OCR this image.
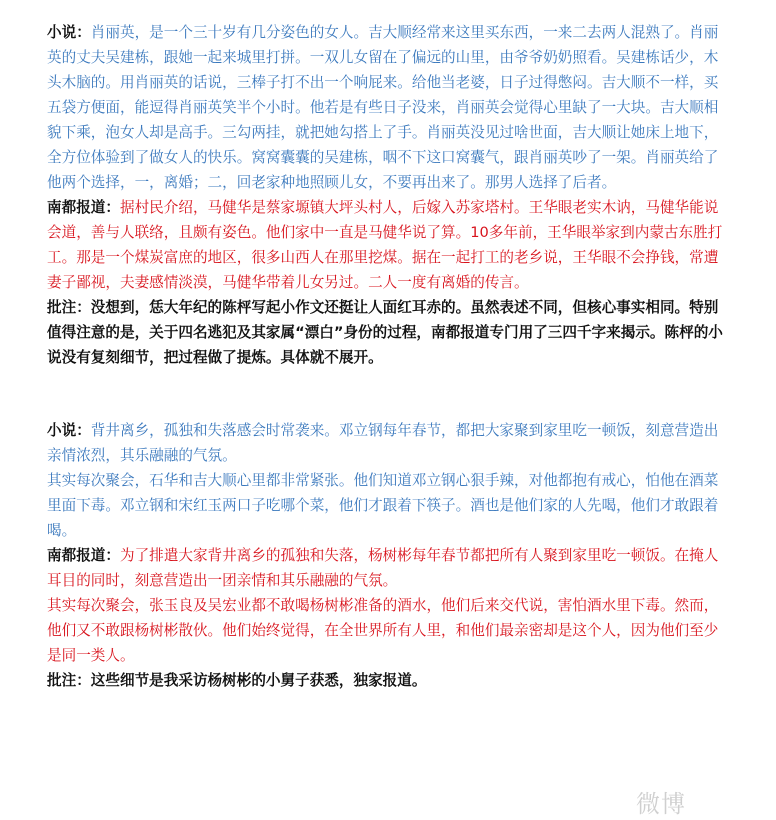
小说：肖丽英，是一个三十岁有几分姿色的女人。吉大顺经常来这里买东西，一来二去两人混熟了。肖丽英的丈夫吴建栋，跟她一起来城里打拼。一双儿女留在了偏远的山里，由爷爷奶奶照看。吴建栋话少，木头木脑的。用肖丽英的话说，三棒子打不出一个响屁来。给他当老婆，日子过得憋闷。吉大顺不一样，买五袋方便面，能逗得肖丽英笑半个小时。他若是有些日子没来，肖丽英会觉得心里缺了一大块。吉大顺相貌下乘，泡女人却是高手。三勾两挂，就把她勾搭上了手。肖丽英没见过啥世面，吉大顺让她床上地下，全方位体验到了做女人的快乐。窝窝囊囊的吴建栋，咽不下这口窝囊气，跟肖丽英吵了一架。肖丽英给了他两个选择，一，离婚；二，回老家种地照顾儿女，不要再出来了。那男人选择了后者。

南都报道：据村民介绍，马健华是蔡家塬镇大坪头村人，后嫁入苏家塔村。王华眼老实木讷，马健华能说会道，善与人联络，且颇有姿色。他们家中一直是马健华说了算。10多年前，王华眼举家到内蒙古东胜打工。那是一个煤炭富庶的地区，很多山西人在那里挖煤。据在一起打工的老乡说，王华眼不会挣钱，常遭妻子鄙视，夫妻感情淡漠，马健华带着儿女另过。二人一度有离婚的传言。

批注：没想到，恁大年纪的陈枰写起小作文还挺让人面红耳赤的。虽然表述不同，但核心事实相同。特别值得注意的是，关于四名逃犯及其家属“漂白”身份的过程，南都报道专门用了三四千字来揭示。陈枰的小说没有复刻细节，把过程做了提炼。具体就不展开。

小说：背井离乡，孤独和失落感会时常袭来。邓立钢每年春节，都把大家聚到家里吃一顿饭，刻意营造出亲情浓烈，其乐融融的气氛。

其实每次聚会，石华和吉大顺心里都非常紧张。他们知道邓立钢心狠手辣，对他都抱有戒心，怕他在酒菜里面下毒。邓立钢和宋红玉两口子吃哪个菜，他们才跟着下筷子。酒也是他们家的人先喝，他们才敢跟着喝。

南都报道：为了排遣大家背井离乡的孤独和失落，杨树彬每年春节都把所有人聚到家里吃一顿饭。在掩人耳目的同时，刻意营造出一团亲情和其乐融融的气氛。

其实每次聚会，张玉良及吴宏业都不敢喝杨树彬准备的酒水，他们后来交代说，害怕酒水里下毒。然而，他们又不敢跟杨树彬散伙。他们始终觉得，在全世界所有人里，和他们最亲密却是这个人，因为他们至少是同一类人。

批注：这些细节是我采访杨树彬的小舅子获悉，独家报道。

微博
